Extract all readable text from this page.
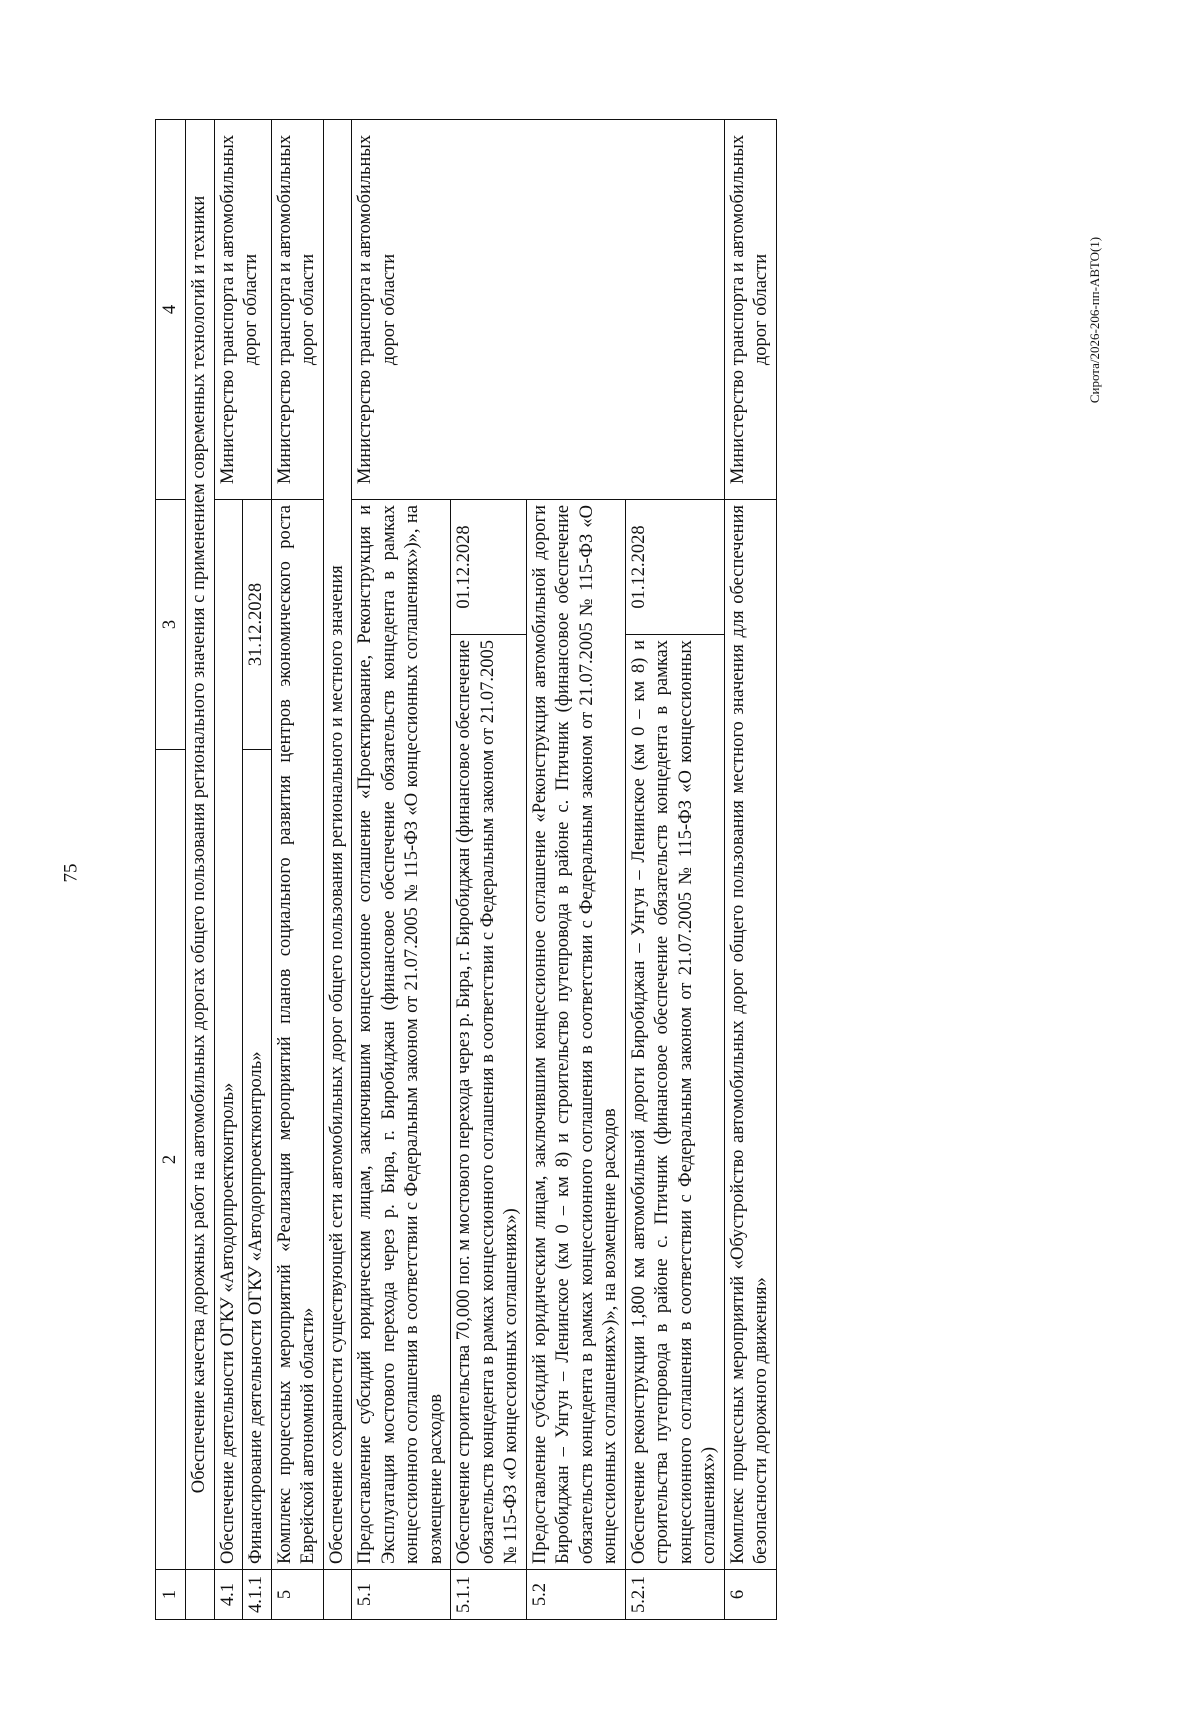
75
Сирота/2026-206-пп-АВТО(1)
1	2	3		4
	Обеспечение качества дорожных работ на автомобильных дорогах общего пользования регионального значения с применением современных технологий и техники			
4.1	Обеспечение деятельности ОГКУ «Автодорпроектконтроль»			Министерство транспорта и автомобильных дорог области
4.1.1	Финансирование деятельности ОГКУ «Автодорпроектконтроль»	31.12.2028		
5	Комплекс процессных мероприятий «Реализация мероприятий планов социального развития центров экономического роста Еврейской автономной области»			Министерство транспорта и автомобильных дорог области
	Обеспечение сохранности существующей сети автомобильных дорог общего пользования регионального и местного значения			
5.1	Предоставление субсидий юридическим лицам, заключившим концессионное соглашение «Проектирование, Реконструкция и Эксплуатация мостового перехода через р. Бира, г. Биробиджан (финансовое обеспечение обязательств концедента в рамках концессионного соглашения в соответствии с Федеральным законом от 21.07.2005 № 115-ФЗ «О концессионных соглашениях»)», на возмещение расходов			Министерство транспорта и автомобильных дорог области
5.1.1	Обеспечение строительства 70,000 пог. м мостового перехода через р. Бира, г. Биробиджан (финансовое обеспечение обязательств концедента в рамках концессионного соглашения в соответствии с Федеральным законом от 21.07.2005 № 115-ФЗ «О концессионных соглашениях»)		01.12.2028	
5.2	Предоставление субсидий юридическим лицам, заключившим концессионное соглашение «Реконструкция автомобильной дороги Биробиджан – Унгун – Ленинское (км 0 – км 8) и строительство путепровода в районе с. Птичник (финансовое обеспечение обязательств концедента в рамках концессионного соглашения в соответствии с Федеральным законом от 21.07.2005 № 115-ФЗ «О концессионных соглашениях»)», на возмещение расходов			
5.2.1	Обеспечение реконструкции 1,800 км автомобильной дороги Биробиджан – Унгун – Ленинское (км 0 – км 8) и строительства путепровода в районе с. Птичник (финансовое обеспечение обязательств концедента в рамках концессионного соглашения в соответствии с Федеральным законом от 21.07.2005 № 115-ФЗ «О концессионных соглашениях»)		01.12.2028	
6	Комплекс процессных мероприятий «Обустройство автомобильных дорог общего пользования местного значения для обеспечения безопасности дорожного движения»			Министерство транспорта и автомобильных дорог области
